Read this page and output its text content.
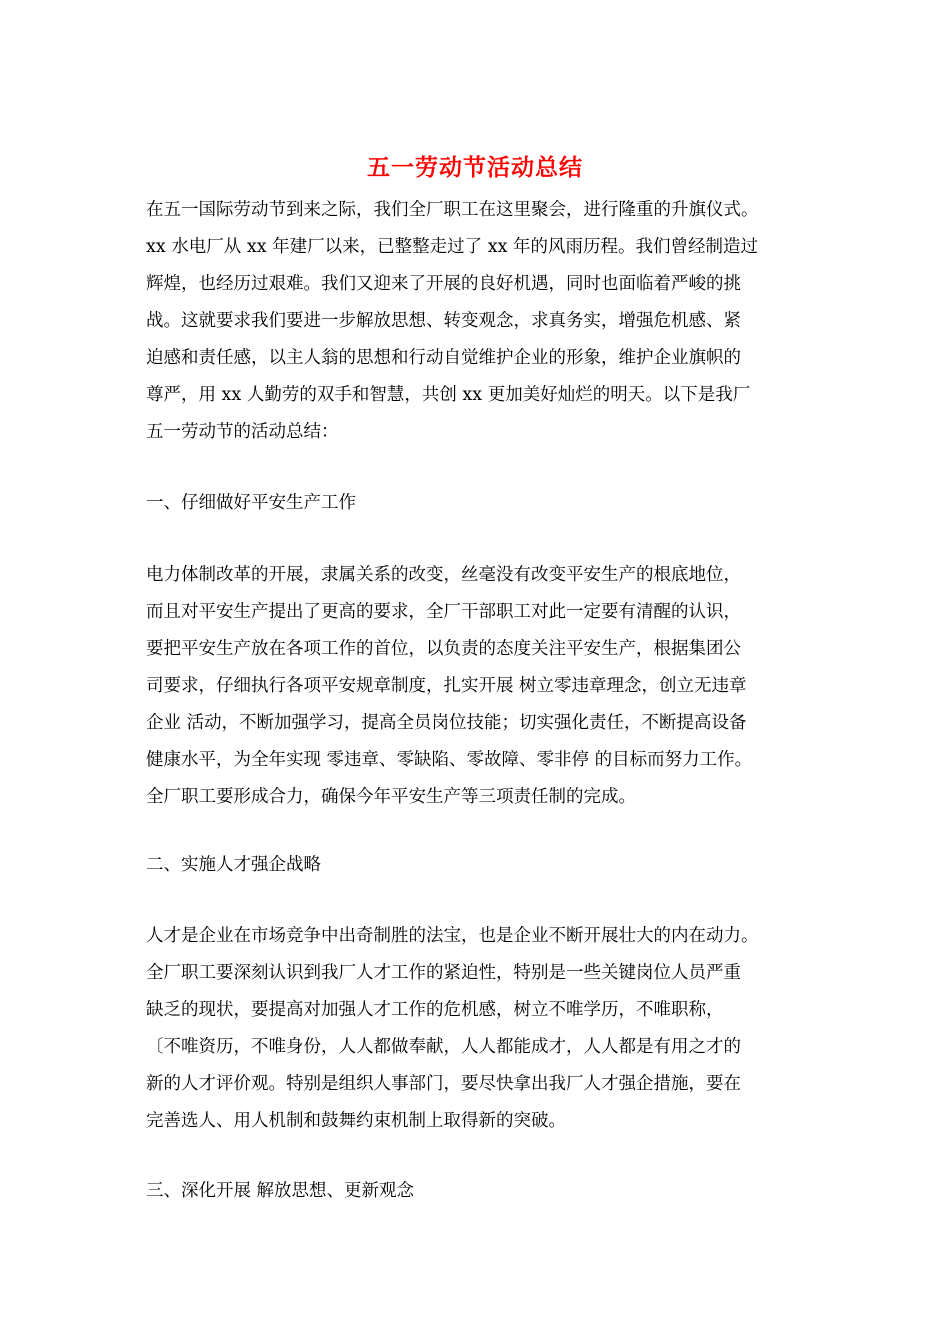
五一劳动节活动总结
在五一国际劳动节到来之际，我们全厂职工在这里聚会，进行隆重的升旗仪式。
xx 水电厂从 xx 年建厂以来，已整整走过了 xx 年的风雨历程。我们曾经制造过
辉煌，也经历过艰难。我们又迎来了开展的良好机遇，同时也面临着严峻的挑
战。这就要求我们要进一步解放思想、转变观念，求真务实，增强危机感、紧
迫感和责任感，以主人翁的思想和行动自觉维护企业的形象，维护企业旗帜的
尊严，用 xx 人勤劳的双手和智慧，共创 xx 更加美好灿烂的明天。以下是我厂
五一劳动节的活动总结：
一、仔细做好平安生产工作
电力体制改革的开展，隶属关系的改变，丝毫没有改变平安生产的根底地位，
而且对平安生产提出了更高的要求，全厂干部职工对此一定要有清醒的认识，
要把平安生产放在各项工作的首位，以负责的态度关注平安生产，根据集团公
司要求，仔细执行各项平安规章制度，扎实开展 树立零违章理念，创立无违章
企业 活动，不断加强学习，提高全员岗位技能；切实强化责任，不断提高设备
健康水平，为全年实现 零违章、零缺陷、零故障、零非停 的目标而努力工作。
全厂职工要形成合力，确保今年平安生产等三项责任制的完成。
二、实施人才强企战略
人才是企业在市场竞争中出奇制胜的法宝，也是企业不断开展壮大的内在动力。
全厂职工要深刻认识到我厂人才工作的紧迫性，特别是一些关键岗位人员严重
缺乏的现状，要提高对加强人才工作的危机感，树立不唯学历，不唯职称，
〔不唯资历，不唯身份，人人都做奉献，人人都能成才，人人都是有用之才的
新的人才评价观。特别是组织人事部门，要尽快拿出我厂人才强企措施，要在
完善选人、用人机制和鼓舞约束机制上取得新的突破。
三、深化开展 解放思想、更新观念
